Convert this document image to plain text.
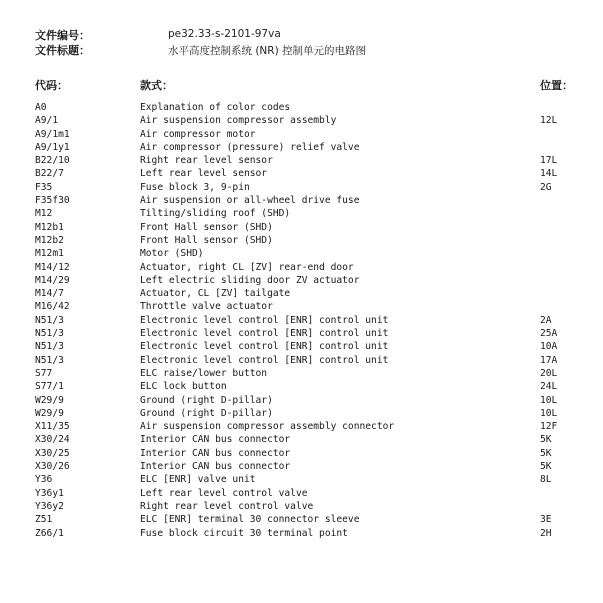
文件编号：	pe32.33-s-2101-97va
文件标题：	水平高度控制系统 (NR) 控制单元的电路图
代码：	款式：	位置：
A0	Explanation of color codes
A9/1	Air suspension compressor assembly	12L
A9/1m1	Air compressor motor
A9/1y1	Air compressor (pressure) relief valve
B22/10	Right rear level sensor	17L
B22/7	Left rear level sensor	14L
F35	Fuse block 3, 9-pin	2G
F35f30	Air suspension or all-wheel drive fuse
M12	Tilting/sliding roof (SHD)
M12b1	Front Hall sensor (SHD)
M12b2	Front Hall sensor (SHD)
M12m1	Motor (SHD)
M14/12	Actuator, right CL [ZV] rear-end door
M14/29	Left electric sliding door ZV actuator
M14/7	Actuator, CL [ZV] tailgate
M16/42	Throttle valve actuator
N51/3	Electronic level control [ENR] control unit	2A
N51/3	Electronic level control [ENR] control unit	25A
N51/3	Electronic level control [ENR] control unit	10A
N51/3	Electronic level control [ENR] control unit	17A
S77	ELC raise/lower button	20L
S77/1	ELC lock button	24L
W29/9	Ground (right D-pillar)	10L
W29/9	Ground (right D-pillar)	10L
X11/35	Air suspension compressor assembly connector	12F
X30/24	Interior CAN bus connector	5K
X30/25	Interior CAN bus connector	5K
X30/26	Interior CAN bus connector	5K
Y36	ELC [ENR] valve unit	8L
Y36y1	Left rear level control valve
Y36y2	Right rear level control valve
Z51	ELC [ENR] terminal 30 connector sleeve	3E
Z66/1	Fuse block circuit 30 terminal point	2H
